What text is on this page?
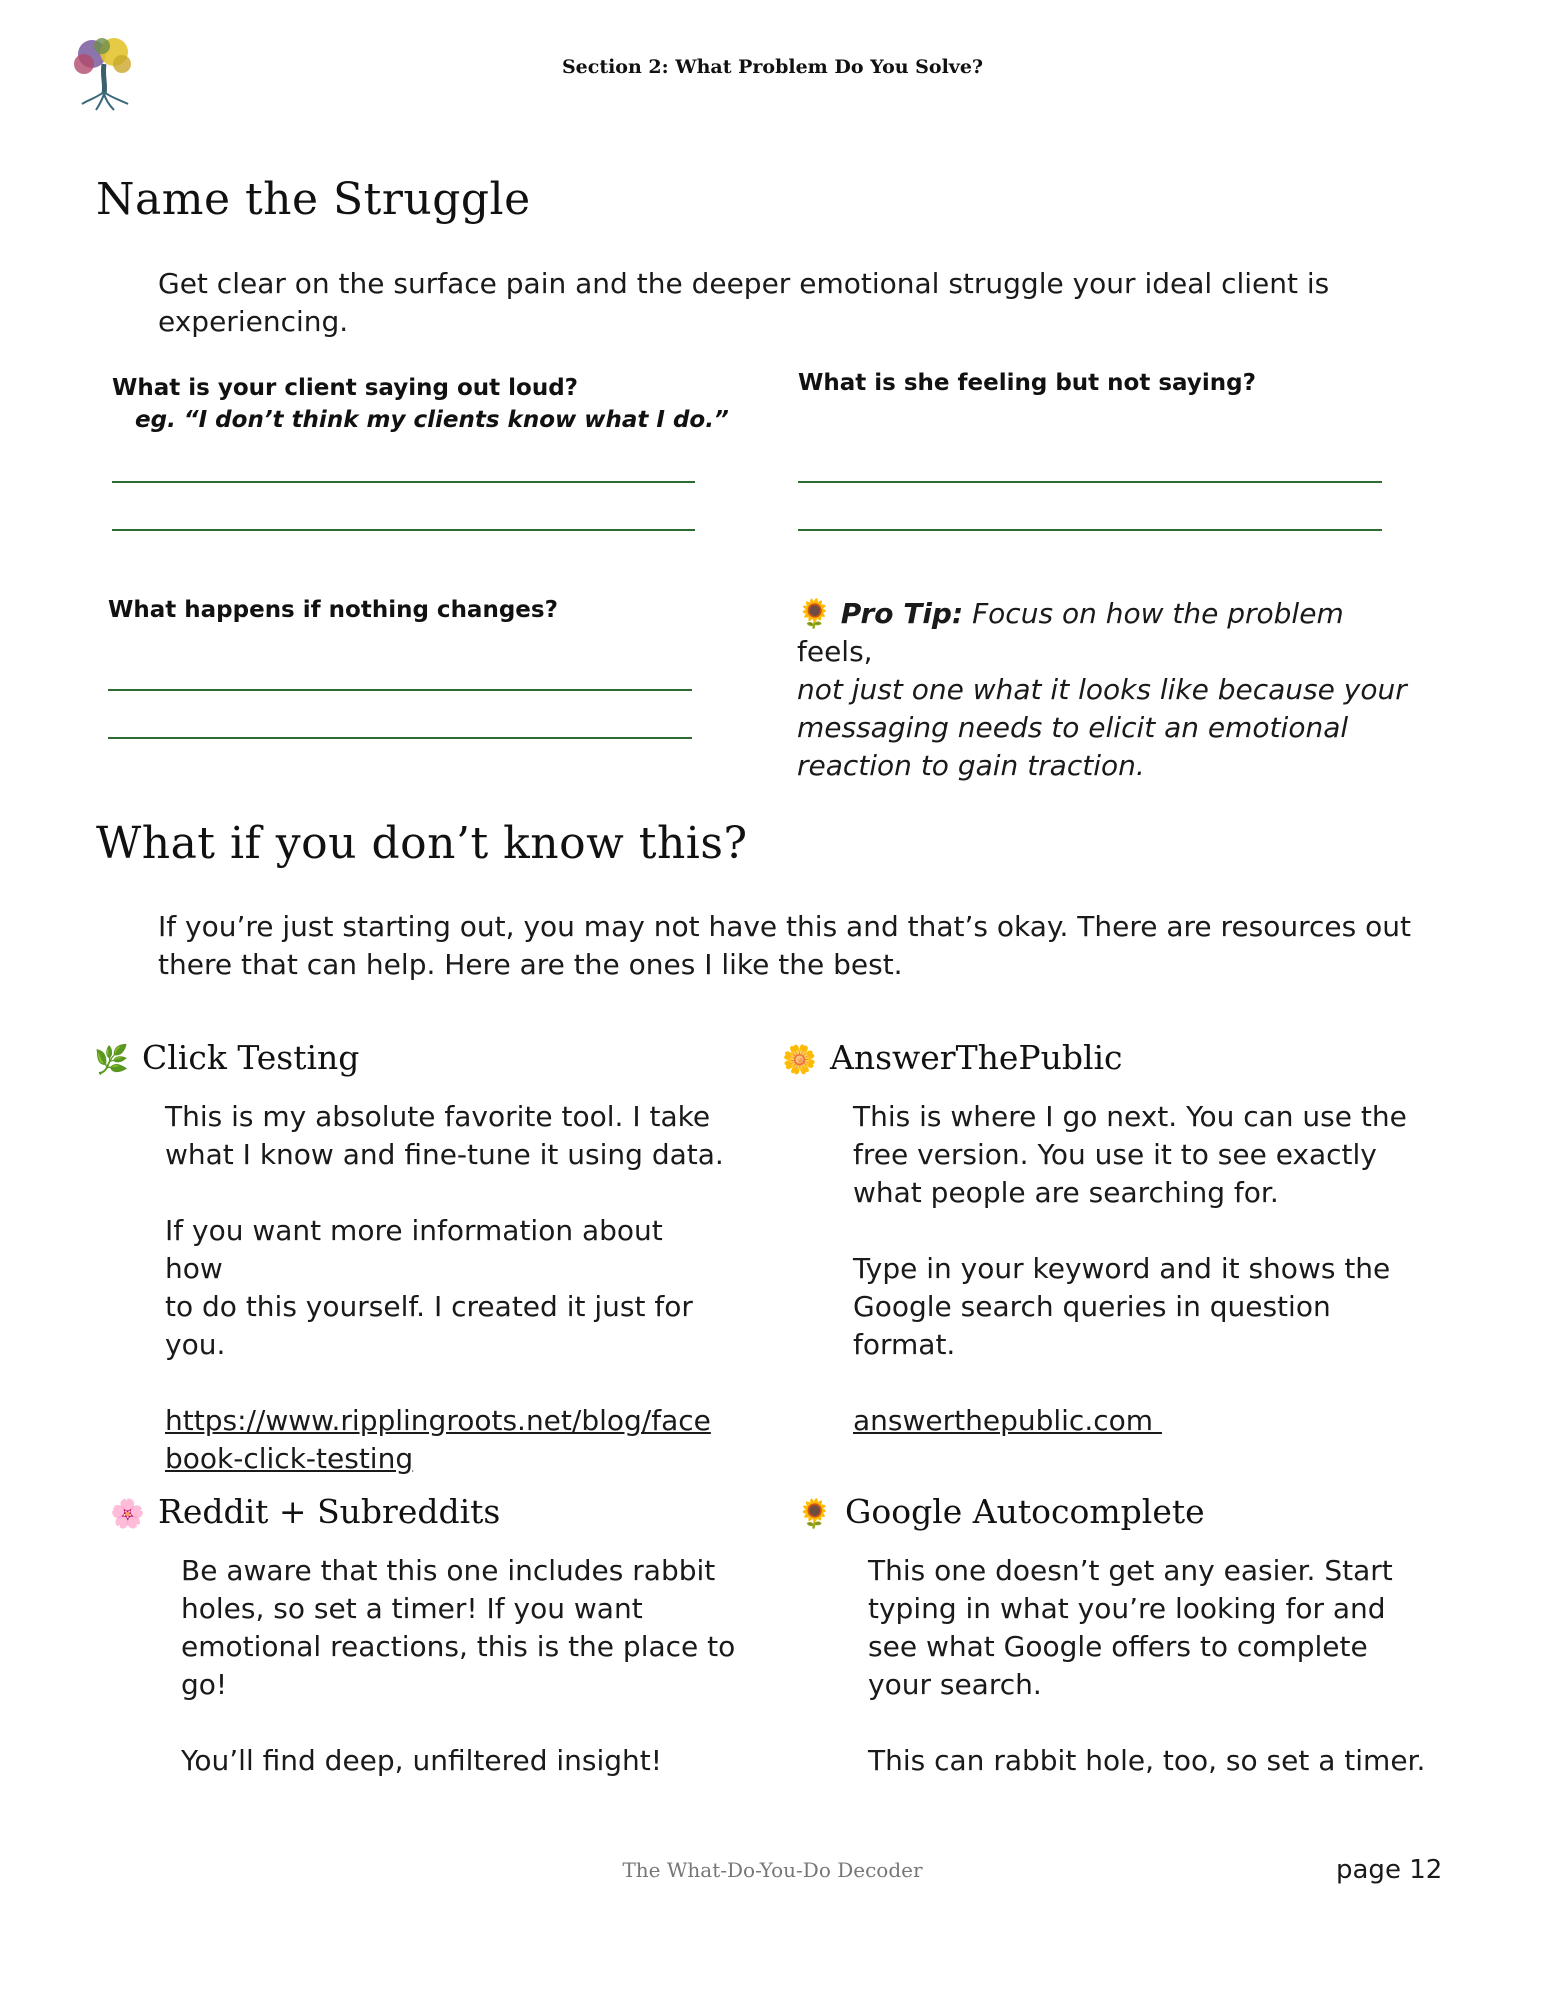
Section 2: What Problem Do You Solve?
Name the Struggle
Get clear on the surface pain and the deeper emotional struggle your ideal client is
experiencing.
What is your client saying out loud?
eg. “I don’t think my clients know what I do.”
What is she feeling but not saying?
What happens if nothing changes?	🌻 Pro Tip: Focus on how the problem feels,
not just one what it looks like because your
messaging needs to elicit an emotional
reaction to gain traction.
What if you don’t know this?
If you’re just starting out, you may not have this and that’s okay. There are resources out
there that can help. Here are the ones I like the best.
🌿 Click Testing
This is my absolute favorite tool. I take
what I know and fine-tune it using data.
If you want more information about how
to do this yourself. I created it just for
you.
https://www.ripplingroots.net/blog/face
book-click-testing
🌼 AnswerThePublic
This is where I go next. You can use the
free version. You use it to see exactly
what people are searching for.
Type in your keyword and it shows the
Google search queries in question format.
answerthepublic.com
🌸 Reddit + Subreddits
Be aware that this one includes rabbit
holes, so set a timer! If you want
emotional reactions, this is the place to
go!
You’ll find deep, unfiltered insight!
🌻 Google Autocomplete
This one doesn’t get any easier. Start
typing in what you’re looking for and
see what Google offers to complete
your search.
This can rabbit hole, too, so set a timer.
The What-Do-You-Do Decoder	page 12
